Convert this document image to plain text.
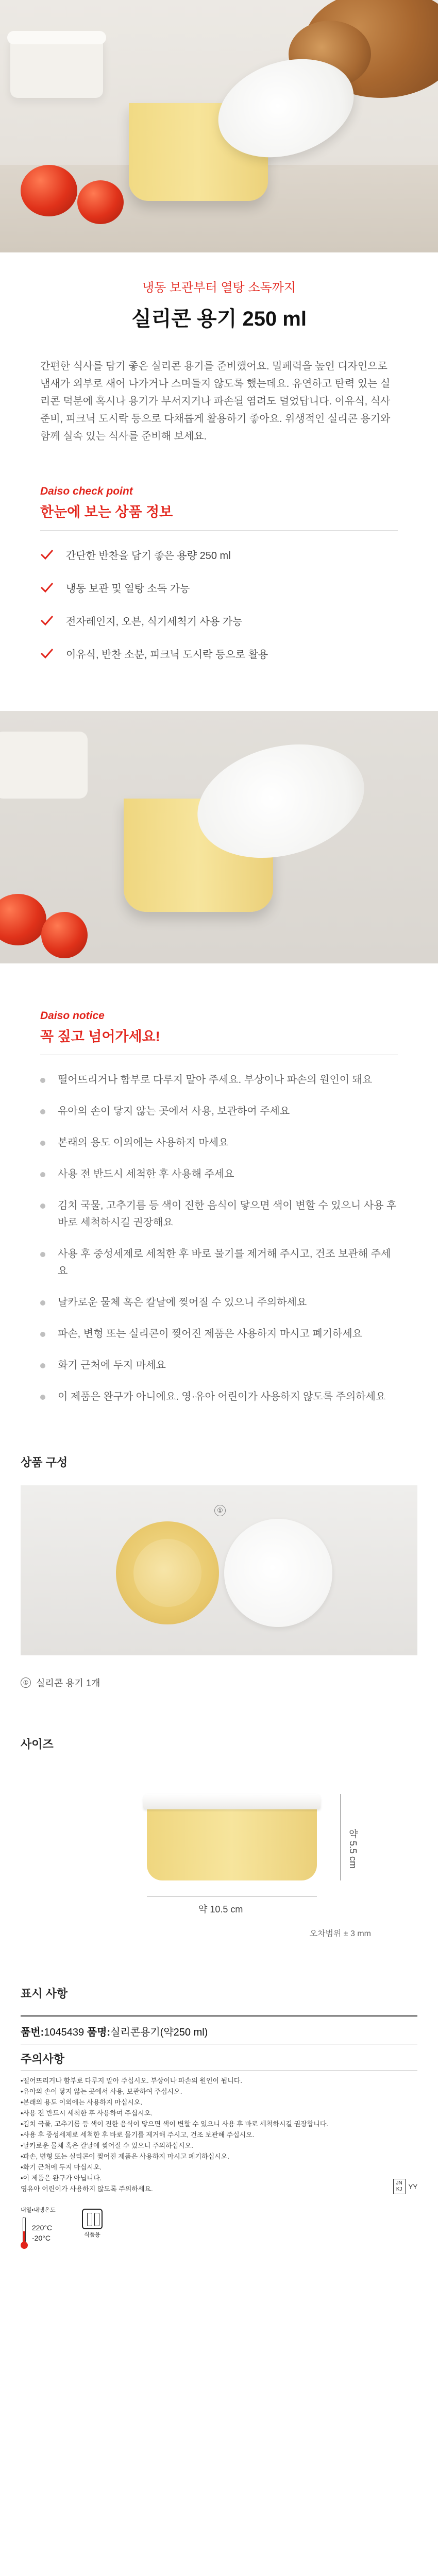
냉동 보관부터 열탕 소독까지
실리콘 용기 250 ml

간편한 식사를 담기 좋은 실리콘 용기를 준비했어요. 밀폐력을 높인 디자인으로 냄새가 외부로 새어 나가거나 스며들지 않도록 했는데요. 유연하고 탄력 있는 실리콘 덕분에 혹시나 용기가 부서지거나 파손될 염려도 덜었답니다. 이유식, 식사 준비, 피크닉 도시락 등으로 다채롭게 활용하기 좋아요. 위생적인 실리콘 용기와 함께 실속 있는 식사를 준비해 보세요.

Daiso check point
한눈에 보는 상품 정보
간단한 반찬을 담기 좋은 용량 250 ml
냉동 보관 및 열탕 소독 가능
전자레인지, 오븐, 식기세척기 사용 가능
이유식, 반찬 소분, 피크닉 도시락 등으로 활용
Daiso notice
꼭 짚고 넘어가세요!
떨어뜨리거나 함부로 다루지 말아 주세요. 부상이나 파손의 원인이 돼요
유아의 손이 닿지 않는 곳에서 사용, 보관하여 주세요
본래의 용도 이외에는 사용하지 마세요
사용 전 반드시 세척한 후 사용해 주세요
김치 국물, 고추기름 등 색이 진한 음식이 닿으면 색이 변할 수 있으니 사용 후 바로 세척하시길 권장해요
사용 후 중성세제로 세척한 후 바로 물기를 제거해 주시고, 건조 보관해 주세요
날카로운 물체 혹은 칼날에 찢어질 수 있으니 주의하세요
파손, 변형 또는 실리콘이 찢어진 제품은 사용하지 마시고 폐기하세요
화기 근처에 두지 마세요
이 제품은 완구가 아니에요. 영·유아 어린이가 사용하지 않도록 주의하세요
상품 구성
①
① 실리콘 용기 1개
사이즈
약 5.5 cm
약 10.5 cm
오차범위 ± 3 mm
표시 사항
품번:1045439 품명:실리콘용기(약250 ml)
주의사항
•떨어뜨리거나 함부로 다루지 말아 주십시오. 부상이나 파손의 원인이 됩니다.
•유아의 손이 닿지 않는 곳에서 사용, 보관하여 주십시오.
•본래의 용도 이외에는 사용하지 마십시오.
•사용 전 반드시 세척한 후 사용하여 주십시오.
•김치 국물, 고추기름 등 색이 진한 음식이 닿으면 색이 변할 수 있으니 사용 후 바로 세척하시길 권장합니다.
•사용 후 중성세제로 세척한 후 바로 물기를 제거해 주시고, 건조 보관해 주십시오.
•날카로운 물체 혹은 칼날에 찢어질 수 있으니 주의하십시오.
•파손, 변형 또는 실리콘이 찢어진 제품은 사용하지 마시고 폐기하십시오.
•화기 근처에 두지 마십시오.
•이 제품은 완구가 아닙니다.
영유아 어린이가 사용하지 않도록 주의하세요.
내열•내냉온도
220°C
-20°C	식품용
JN
KJ YY
